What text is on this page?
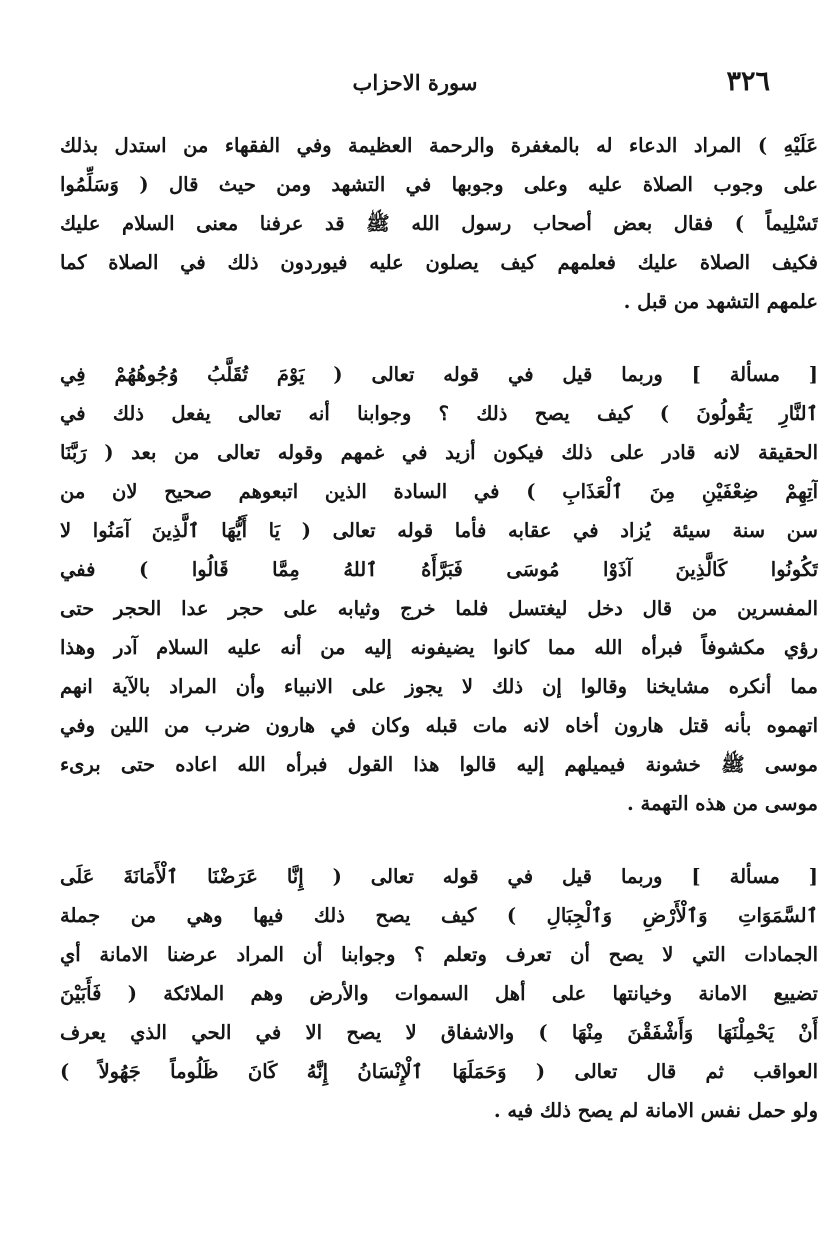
٣٢٦
سورة الاحزاب
عَلَيْهِ ) المراد الدعاء له بالمغفرة والرحمة العظيمة وفي الفقهاء من استدل بذلك
على وجوب الصلاة عليه وعلى وجوبها في التشهد ومن حيث قال ( وَسَلِّمُوا
تَسْلِيماً ) فقال بعض أصحاب رسول الله ﷺ قد عرفنا معنى السلام عليك
فكيف الصلاة عليك فعلمهم كيف يصلون عليه فيوردون ذلك في الصلاة كما
علمهم التشهد من قبل .
[ مسألة ] وربما قيل في قوله تعالى ( يَوْمَ تُقَلَّبُ وُجُوهُهُمْ فِي
ٱلنَّارِ يَقُولُونَ ) كيف يصح ذلك ؟ وجوابنا أنه تعالى يفعل ذلك في
الحقيقة لانه قادر على ذلك فيكون أزيد في غمهم وقوله تعالى من بعد ( رَبَّنَا
آتِهِمْ ضِعْفَيْنِ مِنَ ٱلْعَذَابِ ) في السادة الذين اتبعوهم صحيح لان من
سن سنة سيئة يُزاد في عقابه فأما قوله تعالى ( يَا أَيُّهَا ٱلَّذِينَ آمَنُوا لا
تَكُونُوا كَالَّذِينَ آذَوْا مُوسَى فَبَرَّأَهُ ٱللهُ مِمَّا قَالُوا ) ففي
المفسرين من قال دخل ليغتسل فلما خرج وثيابه على حجر عدا الحجر حتى
رؤي مكشوفاً فبرأه الله مما كانوا يضيفونه إليه من أنه عليه السلام آدر وهذا
مما أنكره مشايخنا وقالوا إن ذلك لا يجوز على الانبياء وأن المراد بالآية انهم
اتهموه بأنه قتل هارون أخاه لانه مات قبله وكان في هارون ضرب من اللين وفي
موسى ﷺ خشونة فيميلهم إليه قالوا هذا القول فبرأه الله اعاده حتى برىء
موسى من هذه التهمة .
[ مسألة ] وربما قيل في قوله تعالى ( إِنَّا عَرَضْنَا ٱلْأَمَانَةَ عَلَى
ٱلسَّمَوَاتِ وَٱلْأَرْضِ وَٱلْجِبَالِ ) كيف يصح ذلك فيها وهي من جملة
الجمادات التي لا يصح أن تعرف وتعلم ؟ وجوابنا أن المراد عرضنا الامانة أي
تضييع الامانة وخيانتها على أهل السموات والأرض وهم الملائكة ( فَأَبَيْنَ
أَنْ يَحْمِلْنَهَا وَأَشْفَقْنَ مِنْهَا ) والاشفاق لا يصح الا في الحي الذي يعرف
العواقب ثم قال تعالى ( وَحَمَلَهَا ٱلْإِنْسَانُ إِنَّهُ كَانَ ظَلُوماً جَهُولاً )
ولو حمل نفس الامانة لم يصح ذلك فيه .
